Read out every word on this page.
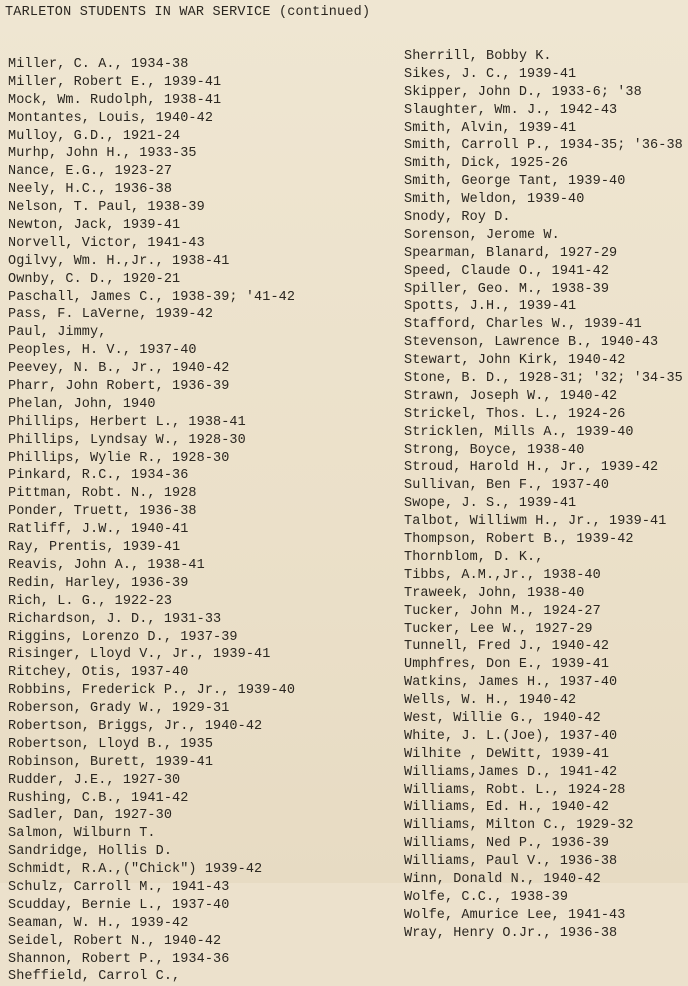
TARLETON STUDENTS IN WAR SERVICE (continued)
Miller, C. A., 1934-38
Miller, Robert E., 1939-41
Mock, Wm. Rudolph, 1938-41
Montantes, Louis, 1940-42
Mulloy, G.D., 1921-24
Murhp, John H., 1933-35
Nance, E.G., 1923-27
Neely, H.C., 1936-38
Nelson, T. Paul, 1938-39
Newton, Jack, 1939-41
Norvell, Victor, 1941-43
Ogilvy, Wm. H.,Jr., 1938-41
Ownby, C. D., 1920-21
Paschall, James C., 1938-39; '41-42
Pass, F. LaVerne, 1939-42
Paul, Jimmy,
Peoples, H. V., 1937-40
Peevey, N. B., Jr., 1940-42
Pharr, John Robert, 1936-39
Phelan, John, 1940
Phillips, Herbert L., 1938-41
Phillips, Lyndsay W., 1928-30
Phillips, Wylie R., 1928-30
Pinkard, R.C., 1934-36
Pittman, Robt. N., 1928
Ponder, Truett, 1936-38
Ratliff, J.W., 1940-41
Ray, Prentis, 1939-41
Reavis, John A., 1938-41
Redin, Harley, 1936-39
Rich, L. G., 1922-23
Richardson, J. D., 1931-33
Riggins, Lorenzo D., 1937-39
Risinger, Lloyd V., Jr., 1939-41
Ritchey, Otis, 1937-40
Robbins, Frederick P., Jr., 1939-40
Roberson, Grady W., 1929-31
Robertson, Briggs, Jr., 1940-42
Robertson, Lloyd B., 1935
Robinson, Burett, 1939-41
Rudder, J.E., 1927-30
Rushing, C.B., 1941-42
Sadler, Dan, 1927-30
Salmon, Wilburn T.
Sandridge, Hollis D.
Schmidt, R.A.,("Chick") 1939-42
Schulz, Carroll M., 1941-43
Scudday, Bernie L., 1937-40
Seaman, W. H., 1939-42
Seidel, Robert N., 1940-42
Shannon, Robert P., 1934-36
Sheffield, Carrol C.,
Sherrill, Bobby K.
Sikes, J. C., 1939-41
Skipper, John D., 1933-6; '38
Slaughter, Wm. J., 1942-43
Smith, Alvin, 1939-41
Smith, Carroll P., 1934-35; '36-38
Smith, Dick, 1925-26
Smith, George Tant, 1939-40
Smith, Weldon, 1939-40
Snody, Roy D.
Sorenson, Jerome W.
Spearman, Blanard, 1927-29
Speed, Claude O., 1941-42
Spiller, Geo. M., 1938-39
Spotts, J.H., 1939-41
Stafford, Charles W., 1939-41
Stevenson, Lawrence B., 1940-43
Stewart, John Kirk, 1940-42
Stone, B. D., 1928-31; '32; '34-35
Strawn, Joseph W., 1940-42
Strickel, Thos. L., 1924-26
Stricklen, Mills A., 1939-40
Strong, Boyce, 1938-40
Stroud, Harold H., Jr., 1939-42
Sullivan, Ben F., 1937-40
Swope, J. S., 1939-41
Talbot, Williwm H., Jr., 1939-41
Thompson, Robert B., 1939-42
Thornblom, D. K.,
Tibbs, A.M.,Jr., 1938-40
Traweek, John, 1938-40
Tucker, John M., 1924-27
Tucker, Lee W., 1927-29
Tunnell, Fred J., 1940-42
Umphfres, Don E., 1939-41
Watkins, James H., 1937-40
Wells, W. H., 1940-42
West, Willie G., 1940-42
White, J. L.(Joe), 1937-40
Wilhite , DeWitt, 1939-41
Williams,James D., 1941-42
Williams, Robt. L., 1924-28
Williams, Ed. H., 1940-42
Williams, Milton C., 1929-32
Williams, Ned P., 1936-39
Williams, Paul V., 1936-38
Winn, Donald N., 1940-42
Wolfe, C.C., 1938-39
Wolfe, Amurice Lee, 1941-43
Wray, Henry O.Jr., 1936-38
